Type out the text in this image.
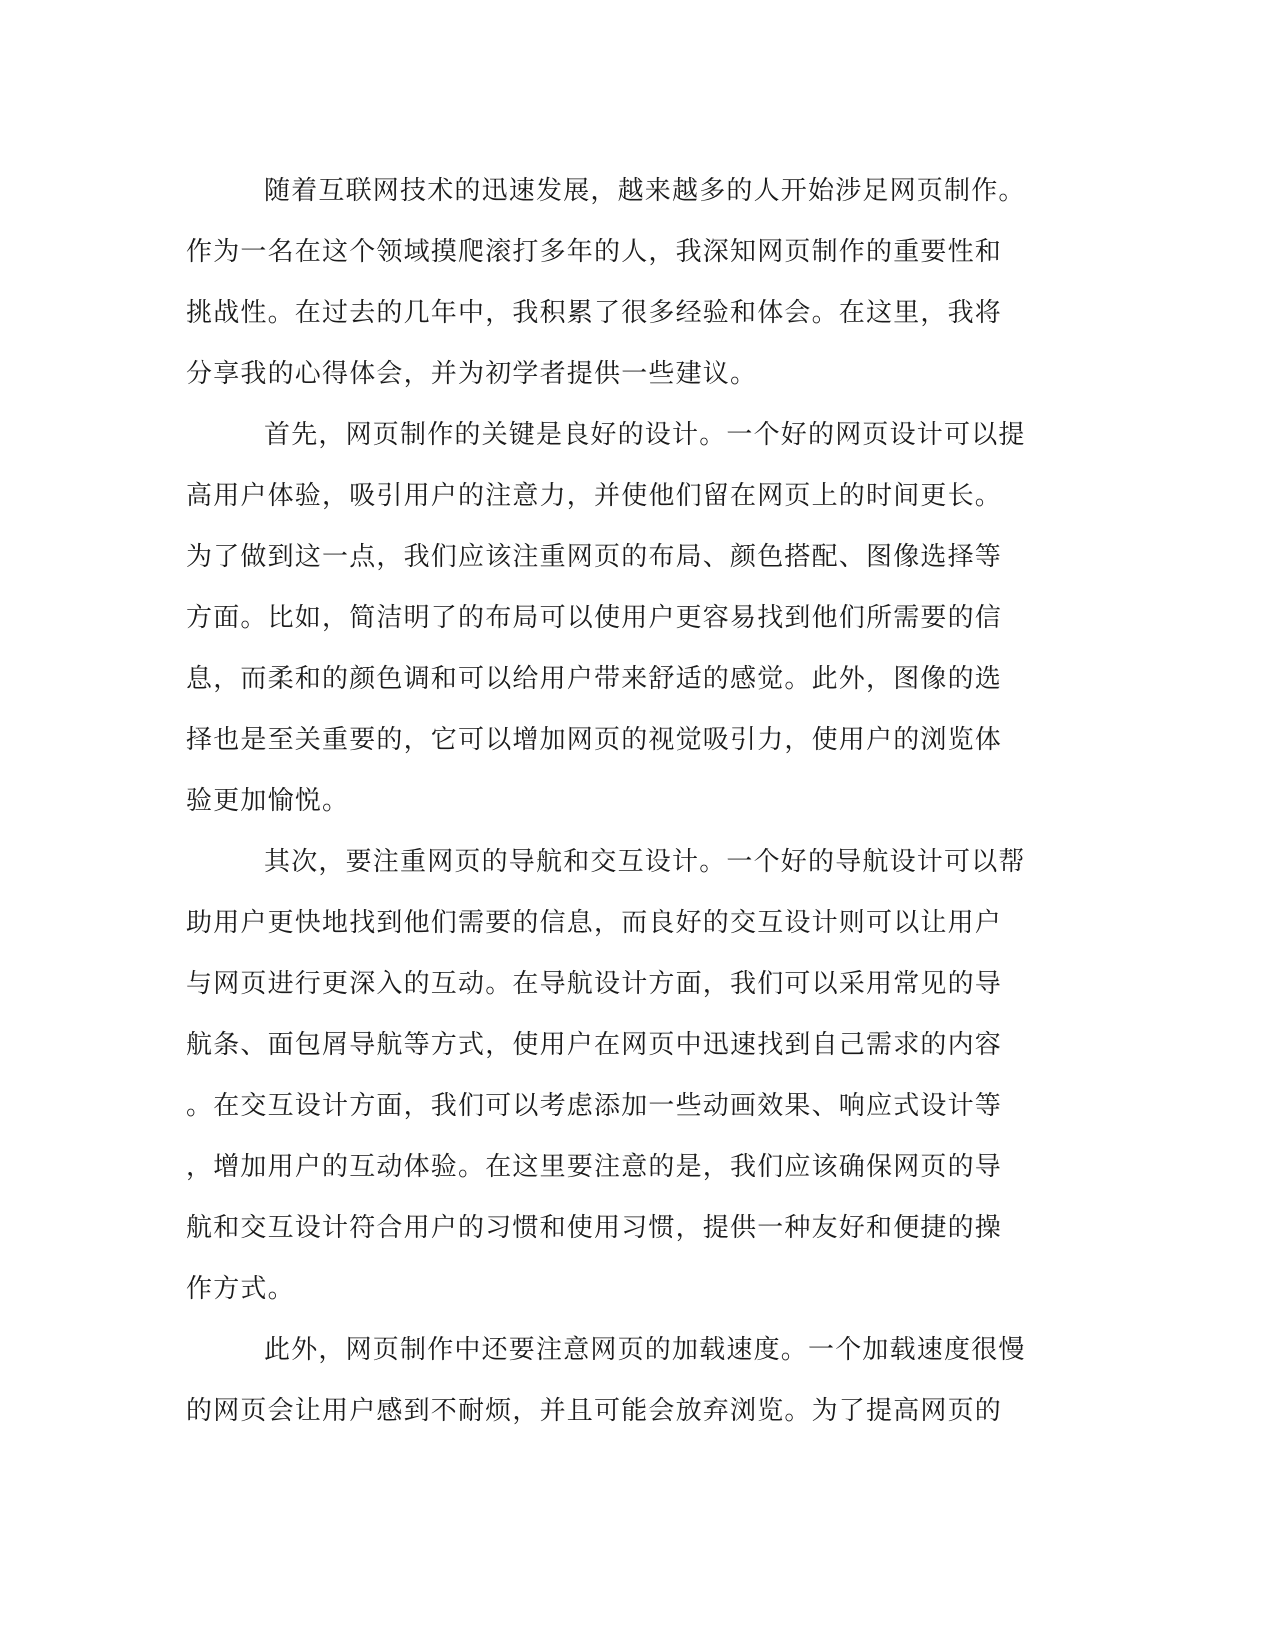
随着互联网技术的迅速发展，越来越多的人开始涉足网页制作。
作为一名在这个领域摸爬滚打多年的人，我深知网页制作的重要性和
挑战性。在过去的几年中，我积累了很多经验和体会。在这里，我将
分享我的心得体会，并为初学者提供一些建议。
首先，网页制作的关键是良好的设计。一个好的网页设计可以提
高用户体验，吸引用户的注意力，并使他们留在网页上的时间更长。
为了做到这一点，我们应该注重网页的布局、颜色搭配、图像选择等
方面。比如，简洁明了的布局可以使用户更容易找到他们所需要的信
息，而柔和的颜色调和可以给用户带来舒适的感觉。此外，图像的选
择也是至关重要的，它可以增加网页的视觉吸引力，使用户的浏览体
验更加愉悦。
其次，要注重网页的导航和交互设计。一个好的导航设计可以帮
助用户更快地找到他们需要的信息，而良好的交互设计则可以让用户
与网页进行更深入的互动。在导航设计方面，我们可以采用常见的导
航条、面包屑导航等方式，使用户在网页中迅速找到自己需求的内容
。在交互设计方面，我们可以考虑添加一些动画效果、响应式设计等
，增加用户的互动体验。在这里要注意的是，我们应该确保网页的导
航和交互设计符合用户的习惯和使用习惯，提供一种友好和便捷的操
作方式。
此外，网页制作中还要注意网页的加载速度。一个加载速度很慢
的网页会让用户感到不耐烦，并且可能会放弃浏览。为了提高网页的
